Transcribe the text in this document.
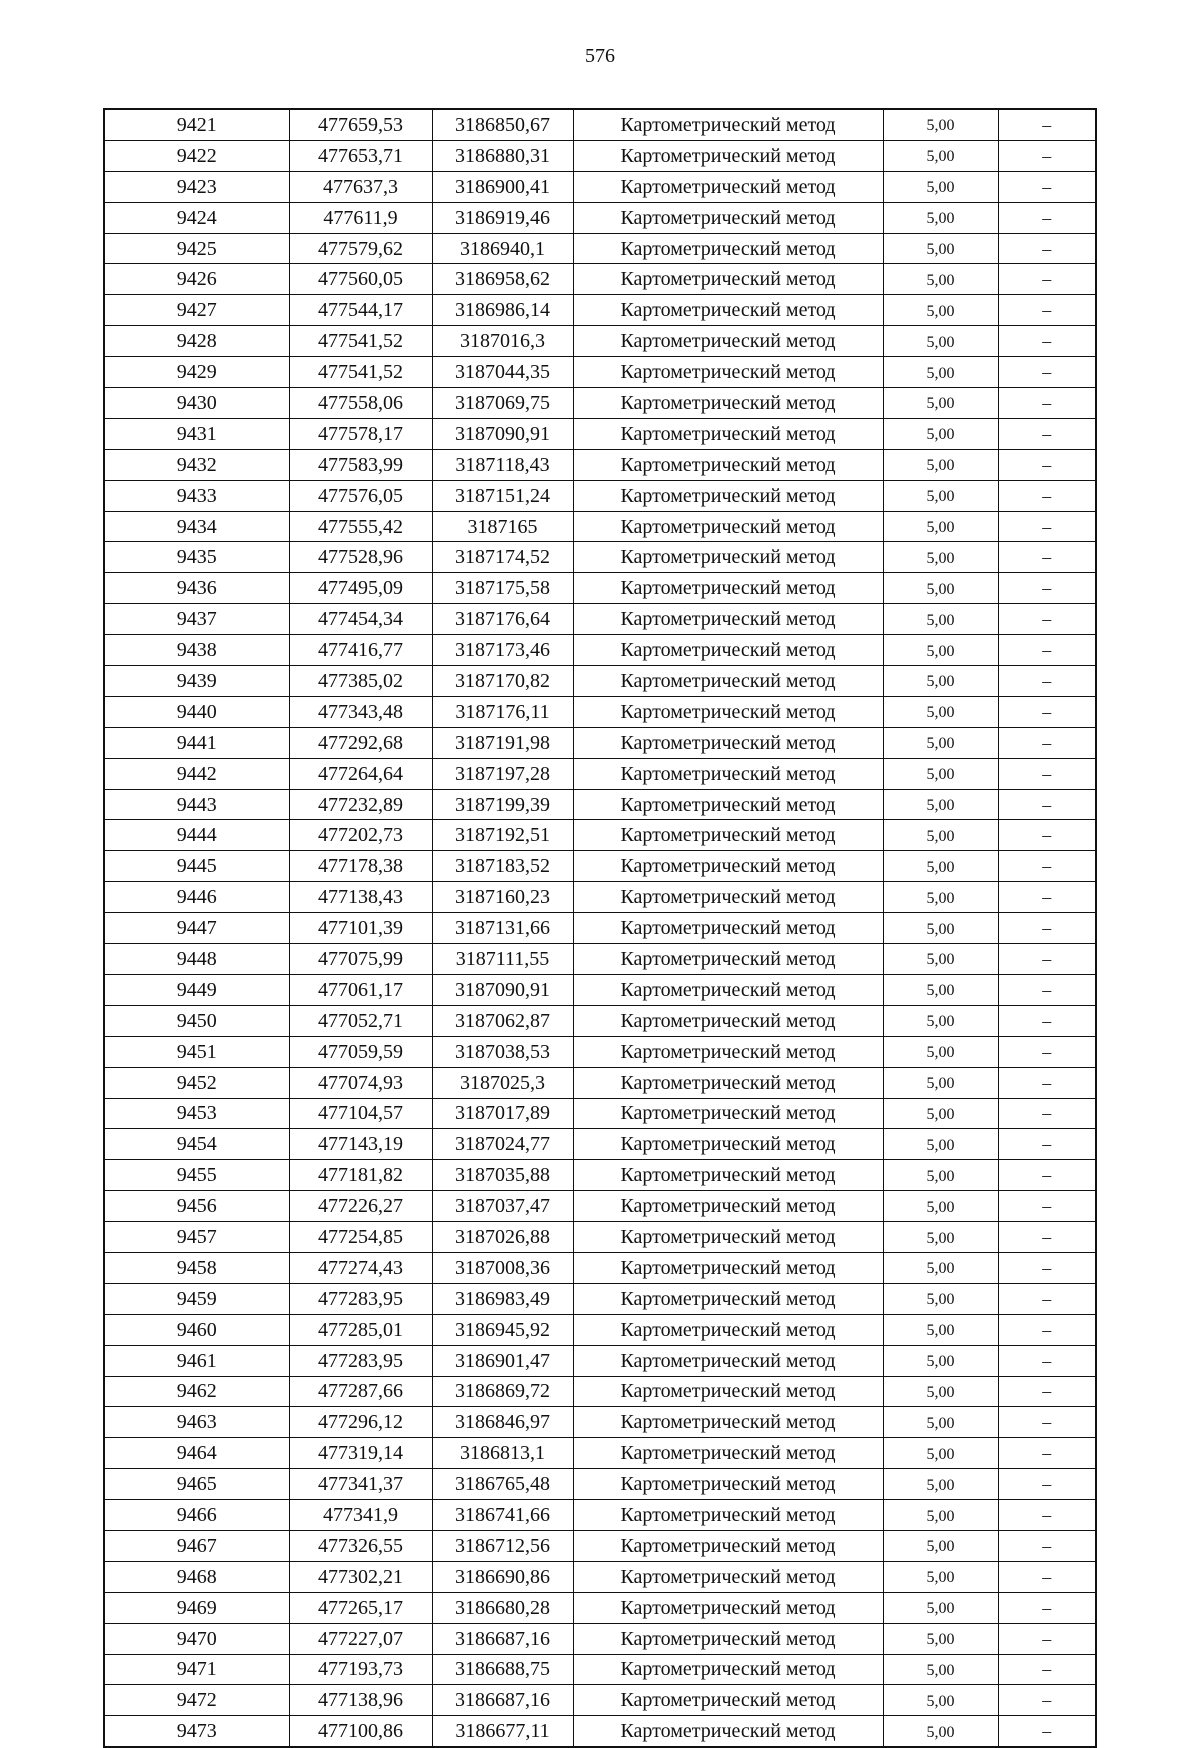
576
9421	477659,53	3186850,67	Картометрический метод	5,00	–
9422	477653,71	3186880,31	Картометрический метод	5,00	–
9423	477637,3	3186900,41	Картометрический метод	5,00	–
9424	477611,9	3186919,46	Картометрический метод	5,00	–
9425	477579,62	3186940,1	Картометрический метод	5,00	–
9426	477560,05	3186958,62	Картометрический метод	5,00	–
9427	477544,17	3186986,14	Картометрический метод	5,00	–
9428	477541,52	3187016,3	Картометрический метод	5,00	–
9429	477541,52	3187044,35	Картометрический метод	5,00	–
9430	477558,06	3187069,75	Картометрический метод	5,00	–
9431	477578,17	3187090,91	Картометрический метод	5,00	–
9432	477583,99	3187118,43	Картометрический метод	5,00	–
9433	477576,05	3187151,24	Картометрический метод	5,00	–
9434	477555,42	3187165	Картометрический метод	5,00	–
9435	477528,96	3187174,52	Картометрический метод	5,00	–
9436	477495,09	3187175,58	Картометрический метод	5,00	–
9437	477454,34	3187176,64	Картометрический метод	5,00	–
9438	477416,77	3187173,46	Картометрический метод	5,00	–
9439	477385,02	3187170,82	Картометрический метод	5,00	–
9440	477343,48	3187176,11	Картометрический метод	5,00	–
9441	477292,68	3187191,98	Картометрический метод	5,00	–
9442	477264,64	3187197,28	Картометрический метод	5,00	–
9443	477232,89	3187199,39	Картометрический метод	5,00	–
9444	477202,73	3187192,51	Картометрический метод	5,00	–
9445	477178,38	3187183,52	Картометрический метод	5,00	–
9446	477138,43	3187160,23	Картометрический метод	5,00	–
9447	477101,39	3187131,66	Картометрический метод	5,00	–
9448	477075,99	3187111,55	Картометрический метод	5,00	–
9449	477061,17	3187090,91	Картометрический метод	5,00	–
9450	477052,71	3187062,87	Картометрический метод	5,00	–
9451	477059,59	3187038,53	Картометрический метод	5,00	–
9452	477074,93	3187025,3	Картометрический метод	5,00	–
9453	477104,57	3187017,89	Картометрический метод	5,00	–
9454	477143,19	3187024,77	Картометрический метод	5,00	–
9455	477181,82	3187035,88	Картометрический метод	5,00	–
9456	477226,27	3187037,47	Картометрический метод	5,00	–
9457	477254,85	3187026,88	Картометрический метод	5,00	–
9458	477274,43	3187008,36	Картометрический метод	5,00	–
9459	477283,95	3186983,49	Картометрический метод	5,00	–
9460	477285,01	3186945,92	Картометрический метод	5,00	–
9461	477283,95	3186901,47	Картометрический метод	5,00	–
9462	477287,66	3186869,72	Картометрический метод	5,00	–
9463	477296,12	3186846,97	Картометрический метод	5,00	–
9464	477319,14	3186813,1	Картометрический метод	5,00	–
9465	477341,37	3186765,48	Картометрический метод	5,00	–
9466	477341,9	3186741,66	Картометрический метод	5,00	–
9467	477326,55	3186712,56	Картометрический метод	5,00	–
9468	477302,21	3186690,86	Картометрический метод	5,00	–
9469	477265,17	3186680,28	Картометрический метод	5,00	–
9470	477227,07	3186687,16	Картометрический метод	5,00	–
9471	477193,73	3186688,75	Картометрический метод	5,00	–
9472	477138,96	3186687,16	Картометрический метод	5,00	–
9473	477100,86	3186677,11	Картометрический метод	5,00	–
